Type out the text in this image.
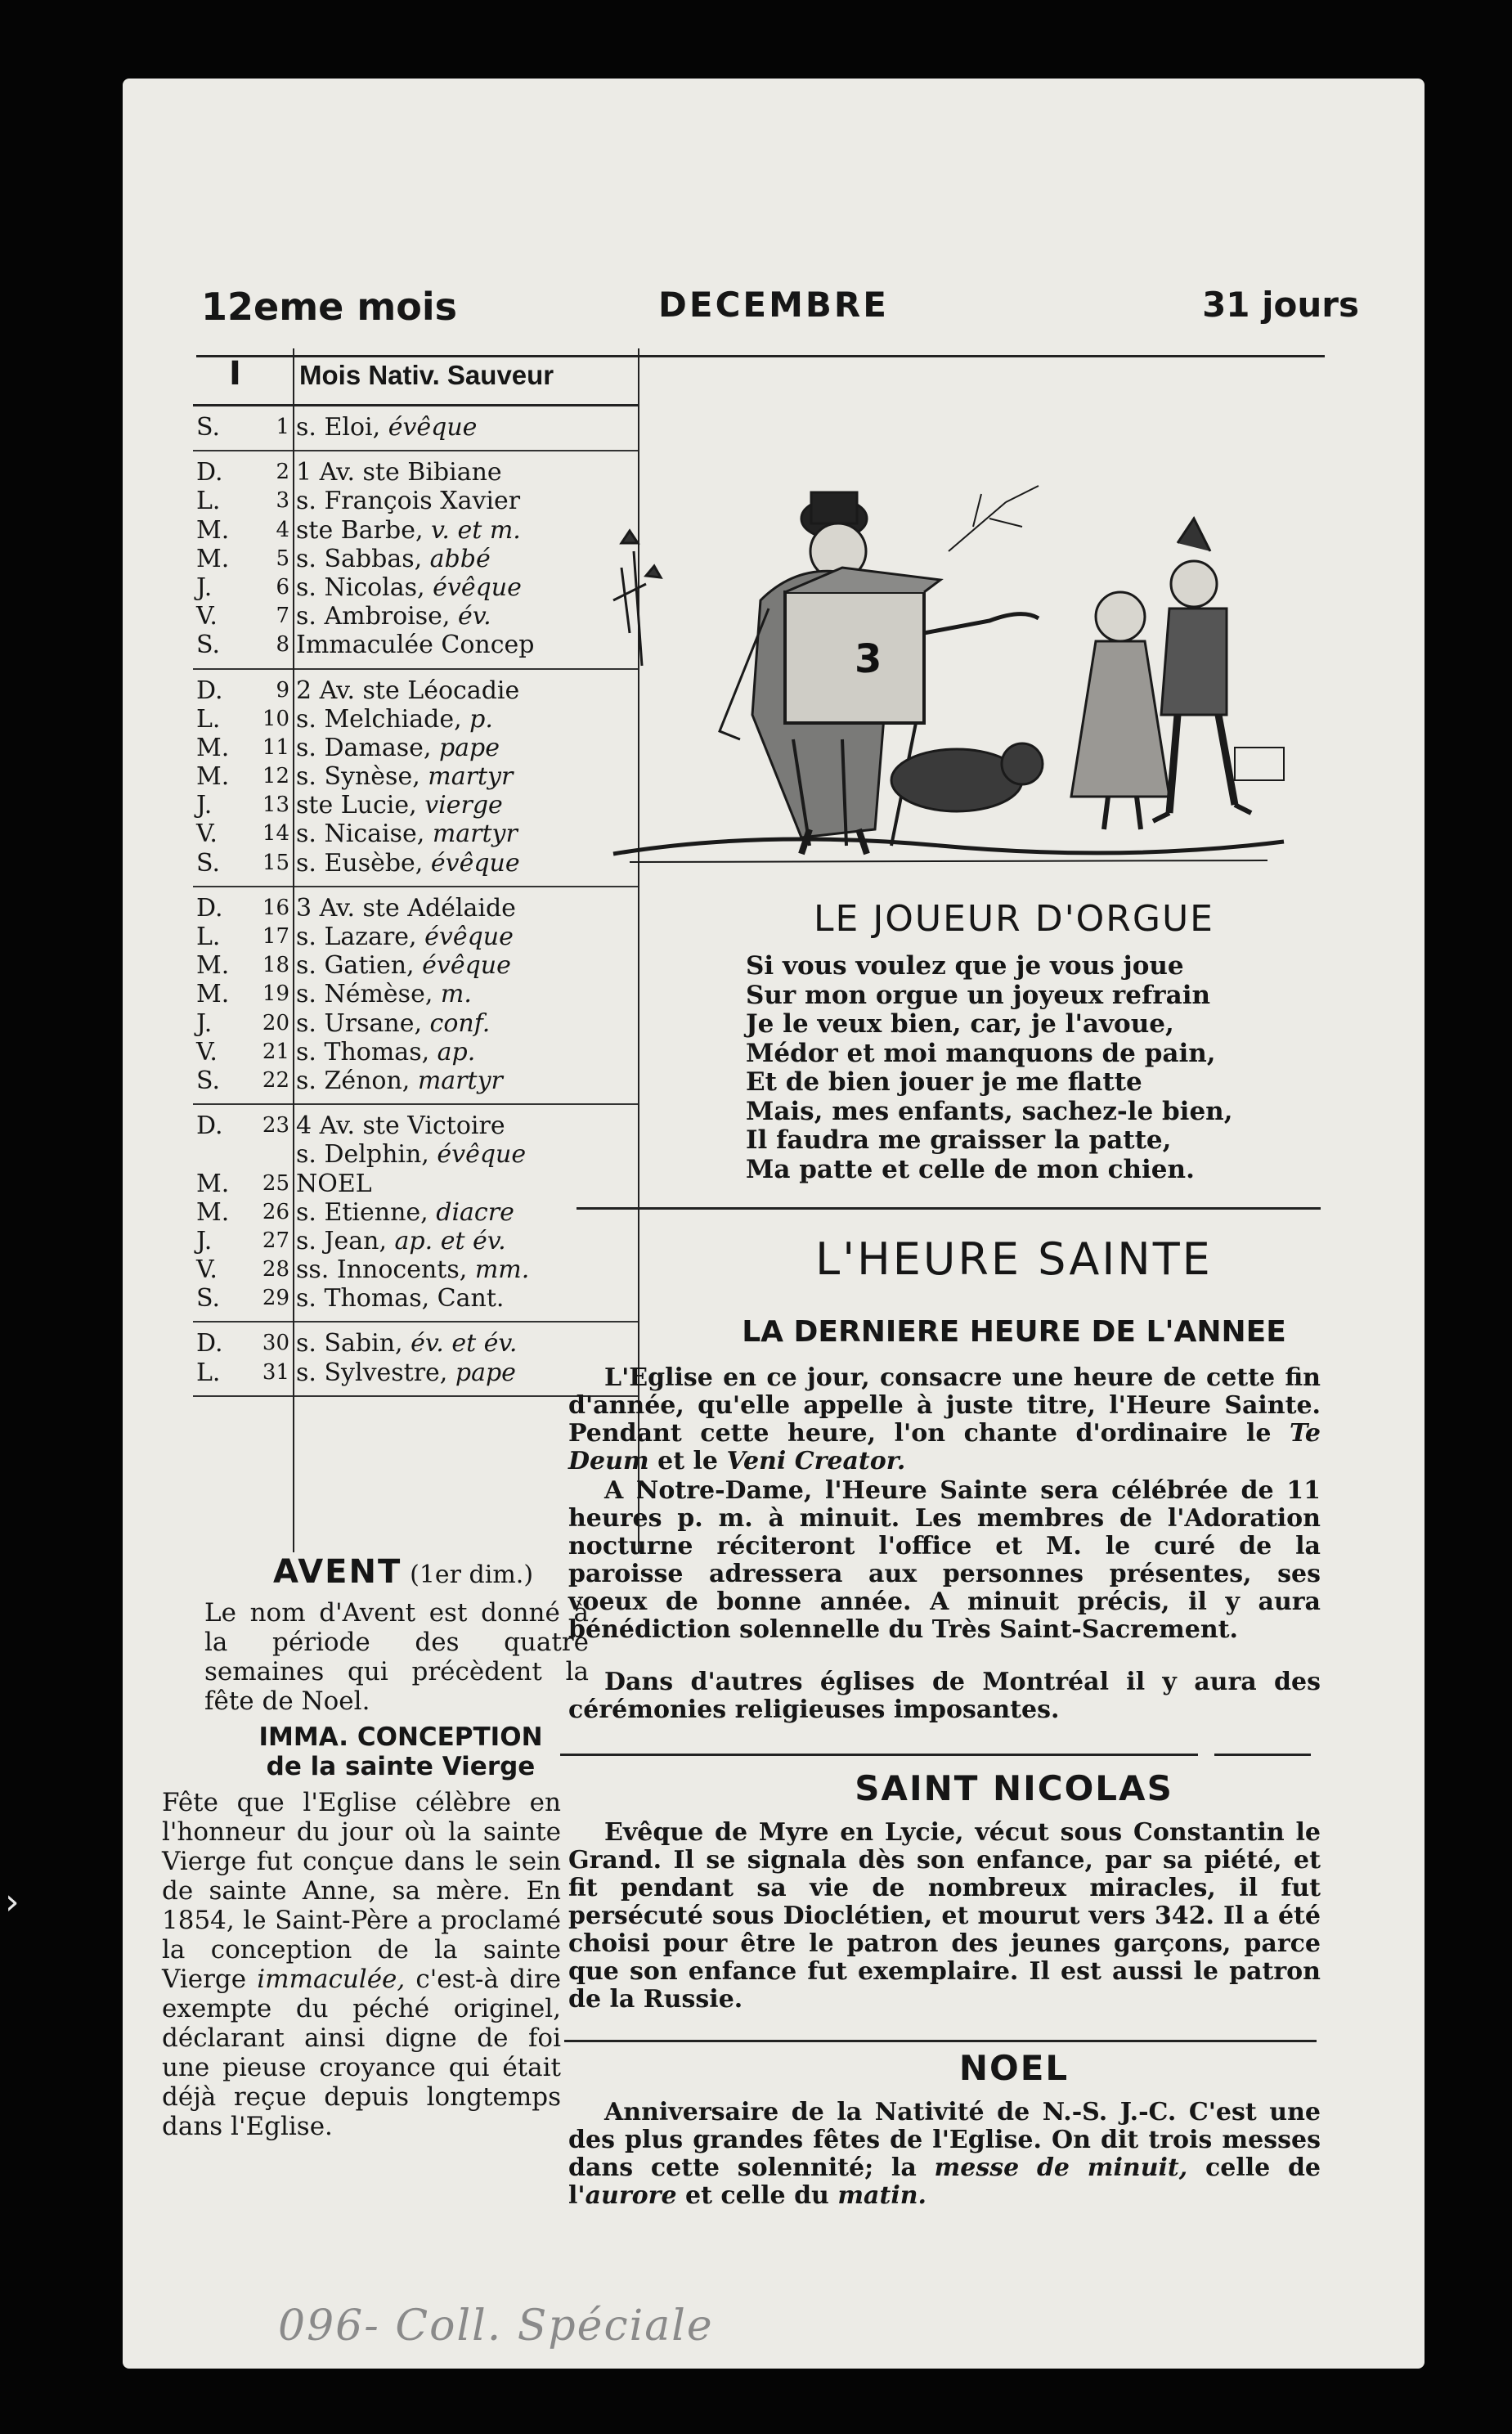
12eme mois	DECEMBRE	31 jours
I Mois Nativ. Sauveur
S.	1 s. Eloi, évêque
D.	2 1 Av. ste Bibiane
L.	3 s. François Xavier
M.	4 ste Barbe, v. et m.
M.	5 s. Sabbas, abbé
J.	6 s. Nicolas, évêque
V.	7 s. Ambroise, év.
S.	8 Immaculée Concep
D.	9 2 Av. ste Léocadie
L.	10 s. Melchiade, p.
M.	11 s. Damase, pape
M.	12 s. Synèse, martyr
J.	13 ste Lucie, vierge
V.	14 s. Nicaise, martyr
S.	15 s. Eusèbe, évêque
D.	16 3 Av. ste Adélaide
L.	17 s. Lazare, évêque
M.	18 s. Gatien, évêque
M.	19 s. Némèse, m.
J.	20 s. Ursane, conf.
V.	21 s. Thomas, ap.
S.	22 s. Zénon, martyr
D.	23 4 Av. ste Victoire
s. Delphin, évêque
M.	25 NOEL
M.	26 s. Etienne, diacre
J.	27 s. Jean, ap. et év.
V.	28 ss. Innocents, mm.
S.	29 s. Thomas, Cant.
D.	30 s. Sabin, év. et év.
L.	31 s. Sylvestre, pape
AVENT (1er dim.)
Le nom d'Avent est donné à la période des quatre semaines qui précèdent la fête de Noel.
IMMA. CONCEPTION
de la sainte Vierge
Fête que l'Eglise célèbre en l'honneur du jour où la sainte Vierge fut conçue dans le sein de sainte Anne, sa mère. En 1854, le Saint-Père a proclamé la conception de la sainte Vierge immaculée, c'est-à dire exempte du péché originel, déclarant ainsi digne de foi une pieuse croyance qui était déjà reçue depuis longtemps dans l'Eglise.
3
LE JOUEUR D'ORGUE
Si vous voulez que je vous joue
Sur mon orgue un joyeux refrain
Je le veux bien, car, je l'avoue,
Médor et moi manquons de pain,
Et de bien jouer je me flatte
Mais, mes enfants, sachez-le bien,
Il faudra me graisser la patte,
Ma patte et celle de mon chien.
L'HEURE SAINTE
LA DERNIERE HEURE DE L'ANNEE
L'Eglise en ce jour, consacre une heure de cette fin d'année, qu'elle appelle à juste titre, l'Heure Sainte. Pendant cette heure, l'on chante d'ordinaire le Te Deum et le Veni Creator.
A Notre-Dame, l'Heure Sainte sera célébrée de 11 heures p. m. à minuit. Les membres de l'Adoration nocturne réciteront l'office et M. le curé de la paroisse adressera aux personnes présentes, ses voeux de bonne année. A minuit précis, il y aura bénédiction solennelle du Très Saint-Sacrement.
Dans d'autres églises de Montréal il y aura des cérémonies religieuses imposantes.
SAINT NICOLAS
Evêque de Myre en Lycie, vécut sous Constantin le Grand. Il se signala dès son enfance, par sa piété, et fit pendant sa vie de nombreux miracles, il fut persécuté sous Dioclétien, et mourut vers 342. Il a été choisi pour être le patron des jeunes garçons, parce que son enfance fut exemplaire. Il est aussi le patron de la Russie.
NOEL
Anniversaire de la Nativité de N.-S. J.-C. C'est une des plus grandes fêtes de l'Eglise. On dit trois messes dans cette solennité; la messe de minuit, celle de l'aurore et celle du matin.
096- Coll. Spéciale
›
